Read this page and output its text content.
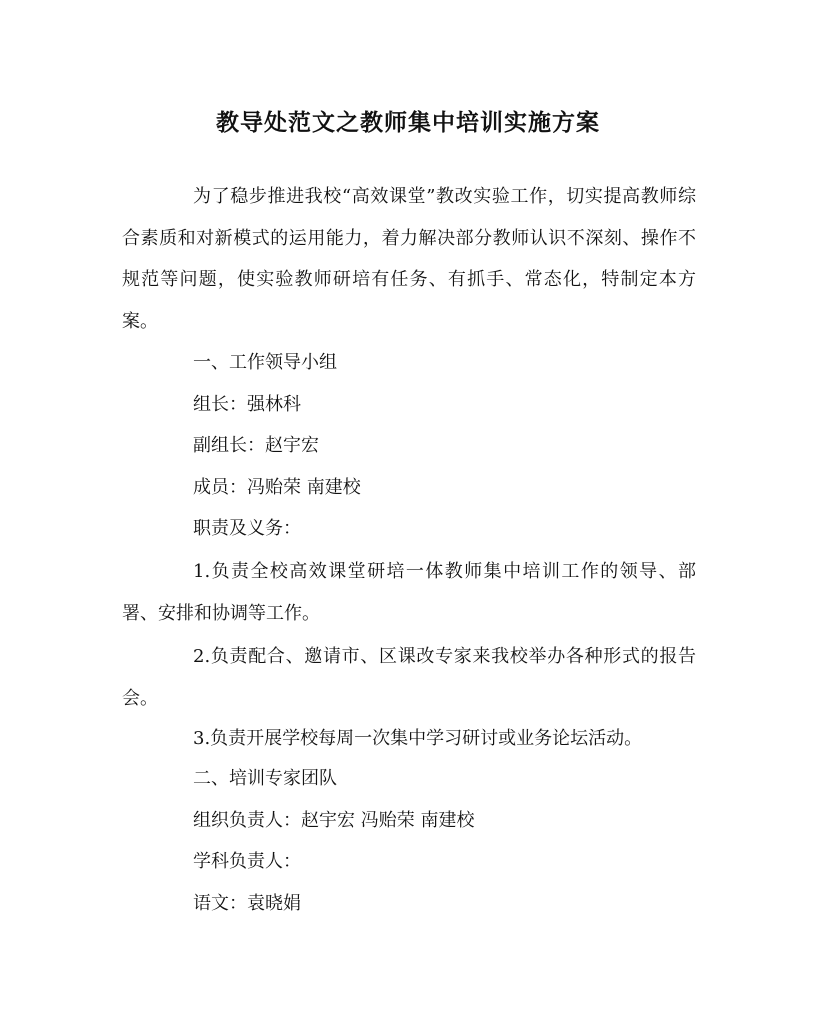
教导处范文之教师集中培训实施方案

为了稳步推进我校“高效课堂”教改实验工作，切实提高教师综合素质和对新模式的运用能力，着力解决部分教师认识不深刻、操作不规范等问题，使实验教师研培有任务、有抓手、常态化，特制定本方案。

一、工作领导小组

组长：强林科

副组长：赵宇宏

成员：冯贻荣 南建校

职责及义务：

1.负责全校高效课堂研培一体教师集中培训工作的领导、部署、安排和协调等工作。

2.负责配合、邀请市、区课改专家来我校举办各种形式的报告会。

3.负责开展学校每周一次集中学习研讨或业务论坛活动。

二、培训专家团队

组织负责人：赵宇宏 冯贻荣 南建校

学科负责人：

语文：袁晓娟
